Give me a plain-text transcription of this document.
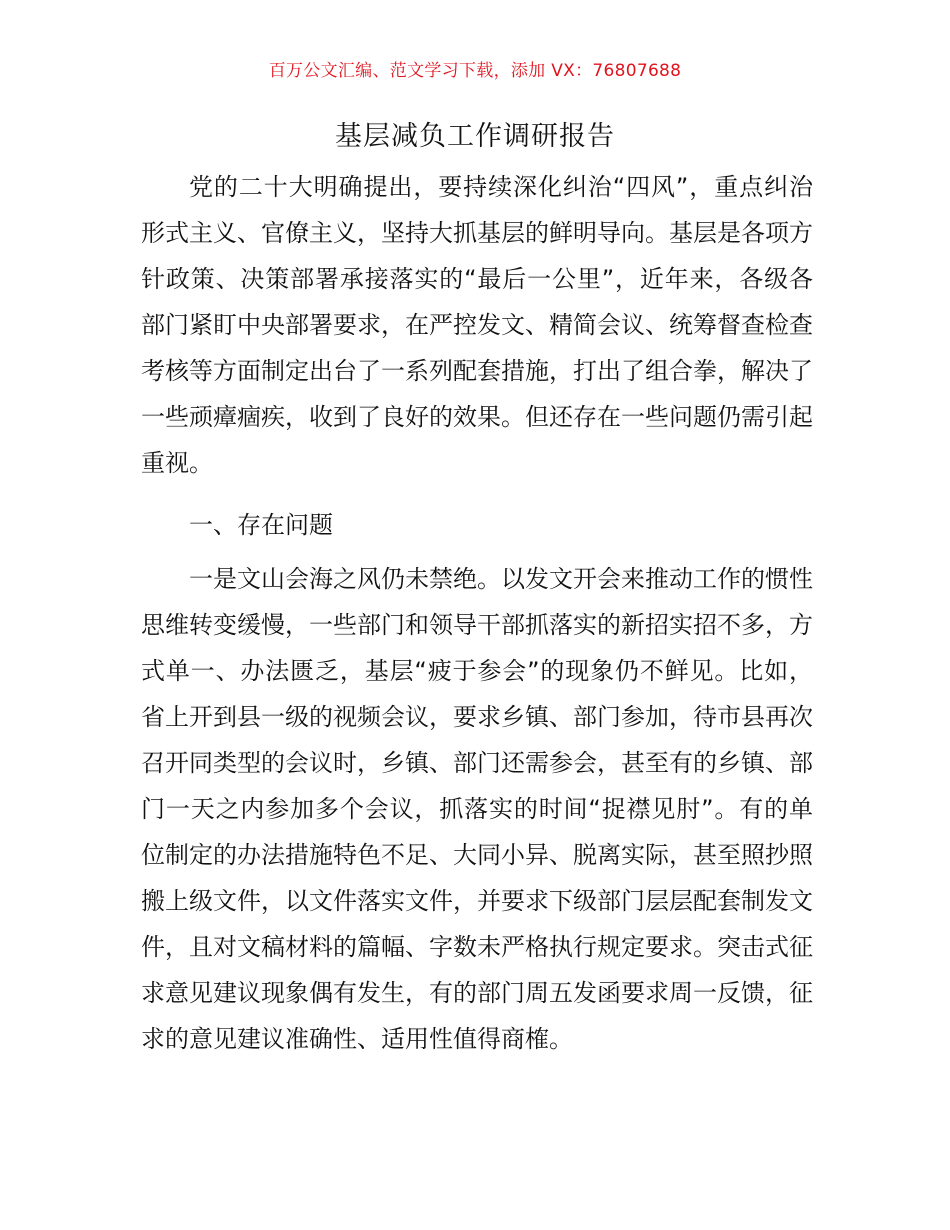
百万公文汇编、范文学习下载，添加 VX：76807688
基层减负工作调研报告

党的二十大明确提出，要持续深化纠治“四风”，重点纠治形式主义、官僚主义，坚持大抓基层的鲜明导向。基层是各项方针政策、决策部署承接落实的“最后一公里”，近年来，各级各部门紧盯中央部署要求，在严控发文、精简会议、统筹督查检查考核等方面制定出台了一系列配套措施，打出了组合拳，解决了一些顽瘴痼疾，收到了良好的效果。但还存在一些问题仍需引起重视。

一、存在问题

一是文山会海之风仍未禁绝。以发文开会来推动工作的惯性思维转变缓慢，一些部门和领导干部抓落实的新招实招不多，方式单一、办法匮乏，基层“疲于参会”的现象仍不鲜见。比如，省上开到县一级的视频会议，要求乡镇、部门参加，待市县再次召开同类型的会议时，乡镇、部门还需参会，甚至有的乡镇、部门一天之内参加多个会议，抓落实的时间“捉襟见肘”。有的单位制定的办法措施特色不足、大同小异、脱离实际，甚至照抄照搬上级文件，以文件落实文件，并要求下级部门层层配套制发文件，且对文稿材料的篇幅、字数未严格执行规定要求。突击式征求意见建议现象偶有发生，有的部门周五发函要求周一反馈，征求的意见建议准确性、适用性值得商榷。
